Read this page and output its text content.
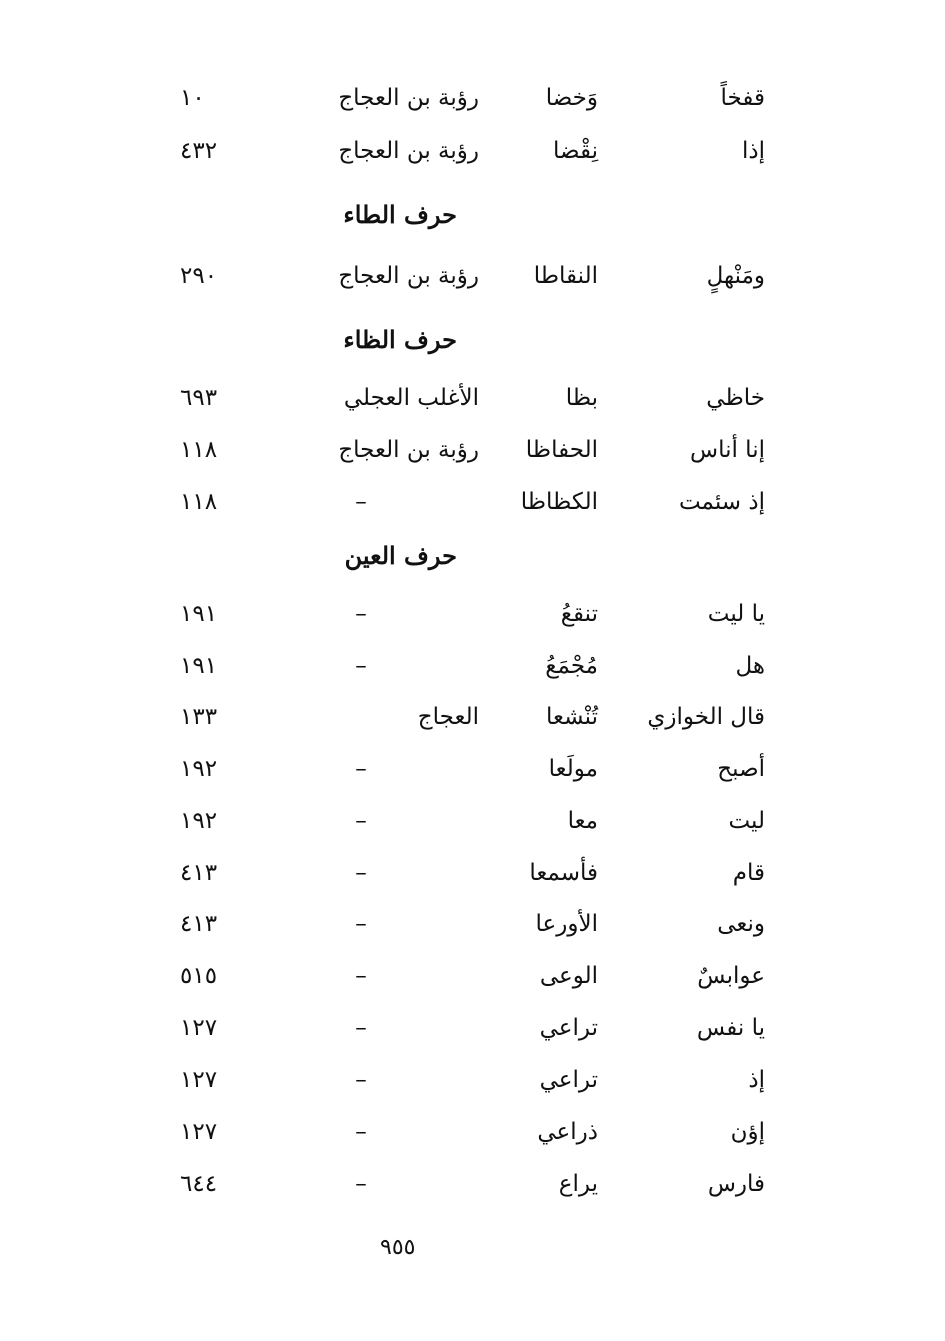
قفخاً
وَخضا
رؤبة بن العجاج
١٠
إذا
نِقْضا
رؤبة بن العجاج
٤٣٢
حرف الطاء
ومَنْهلٍ
النقاطا
رؤبة بن العجاج
٢٩٠
حرف الظاء
خاظي
بظا
الأغلب العجلي
٦٩٣
إنا أناس
الحفاظا
رؤبة بن العجاج
١١٨
إذ سئمت
الكظاظا
–
١١٨
حرف العين
يا ليت
تنقعُ
–
١٩١
هل
مُجْمَعُ
–
١٩١
قال الخوازي
تُنْشعا
العجاج
١٣٣
أصبح
مولَعا
–
١٩٢
ليت
معا
–
١٩٢
قام
فأسمعا
–
٤١٣
ونعى
الأورعا
–
٤١٣
عوابسٌ
الوعى
–
٥١٥
يا نفس
تراعي
–
١٢٧
إذ
تراعي
–
١٢٧
إؤن
ذراعي
–
١٢٧
فارس
يراع
–
٦٤٤
٩٥٥
